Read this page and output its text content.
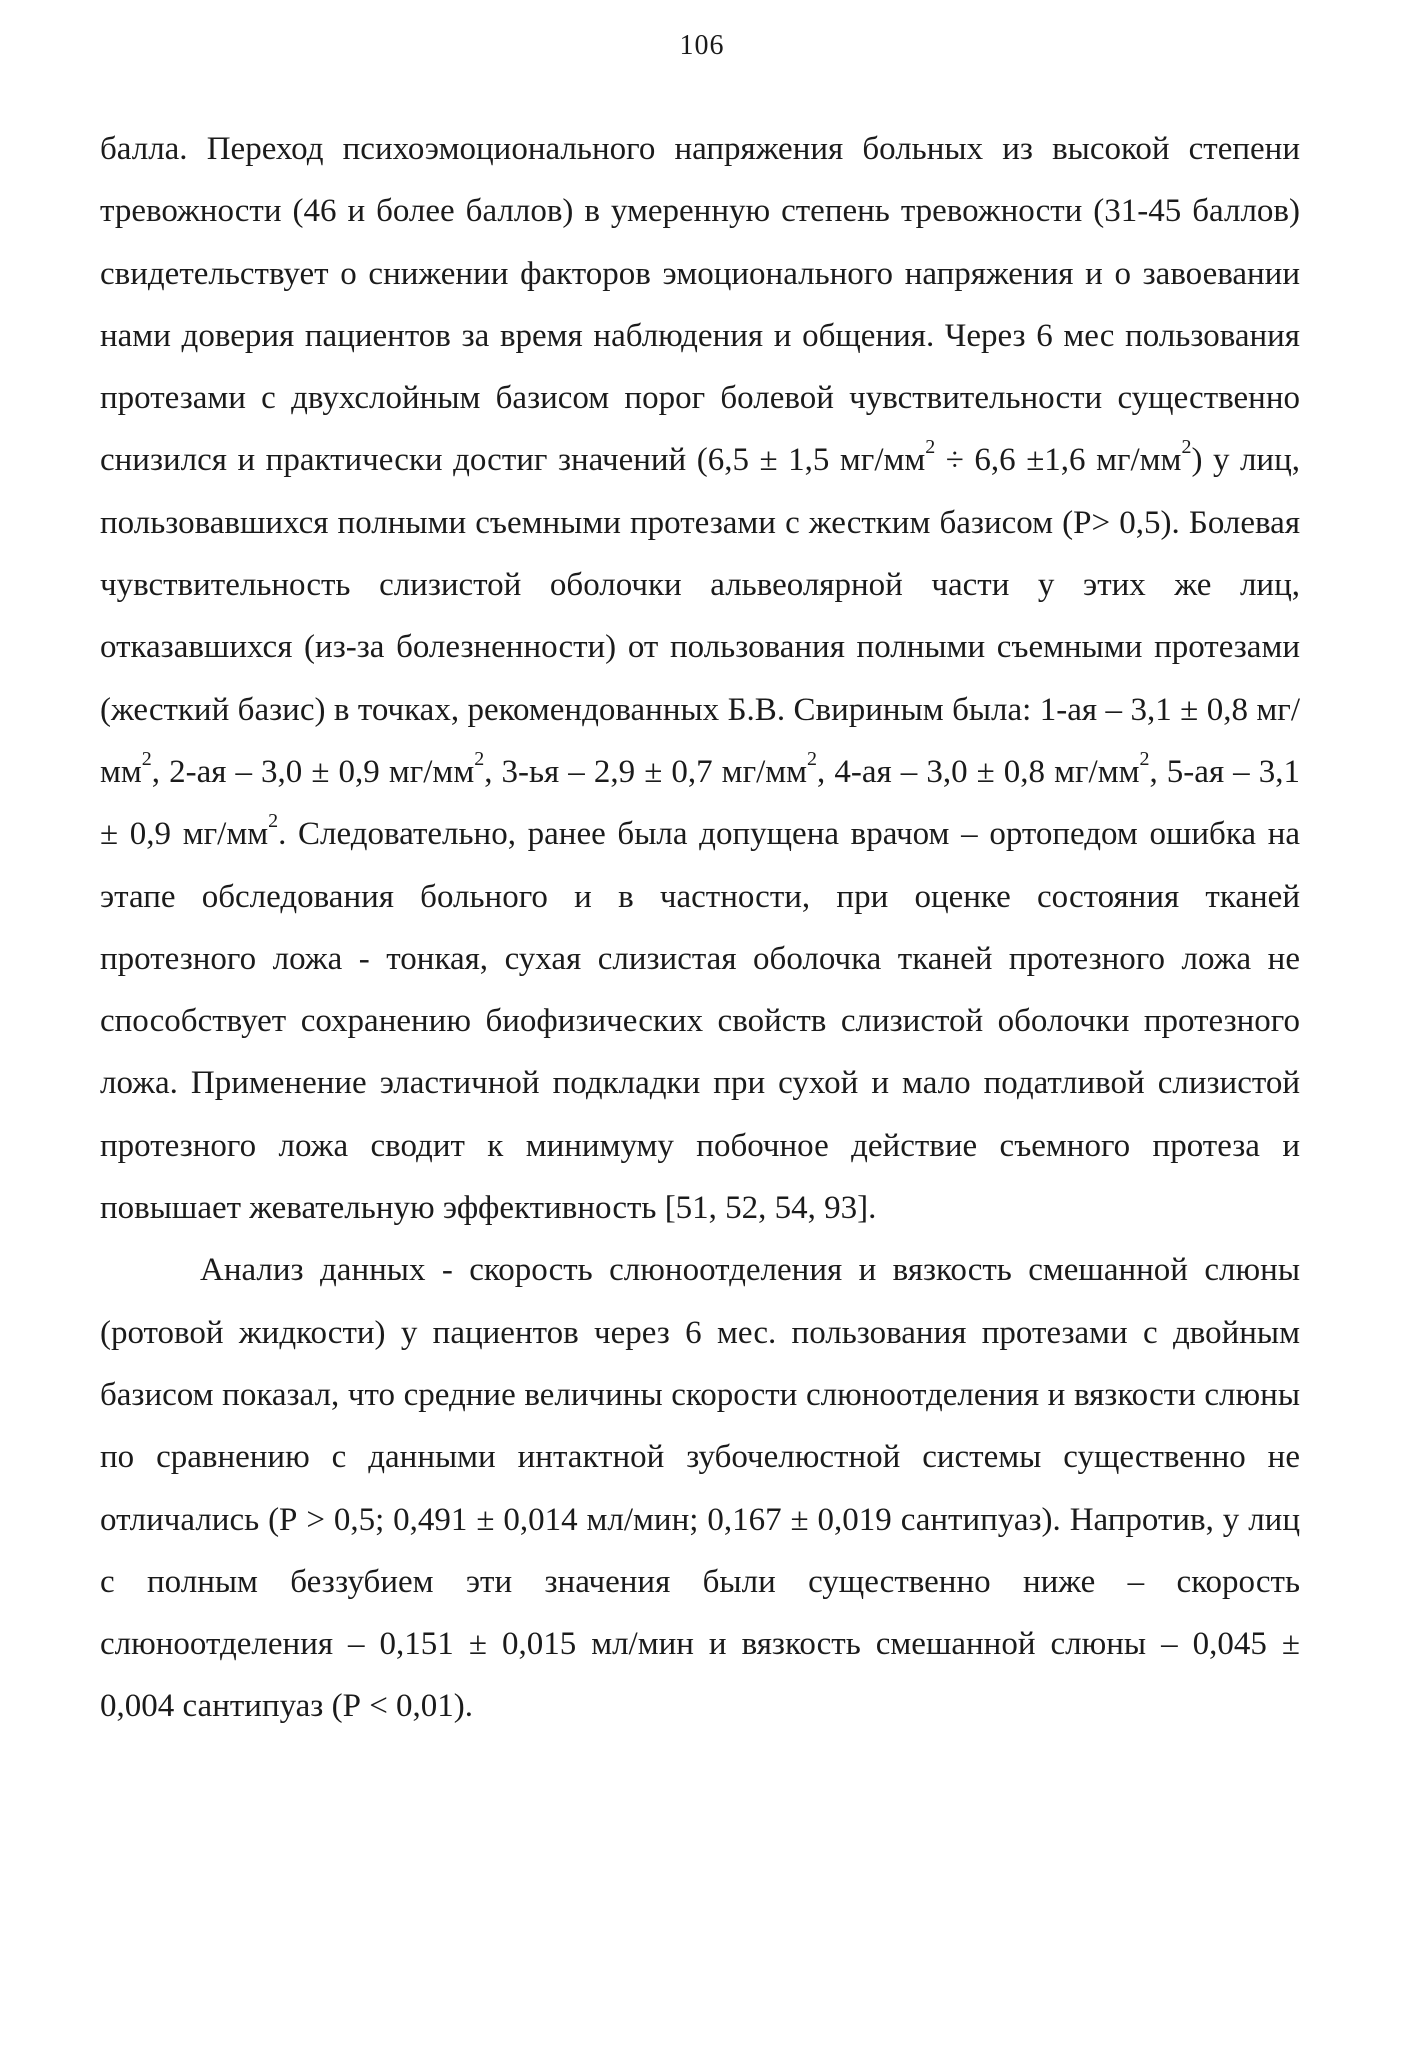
106

балла. Переход психоэмоционального напряжения больных из высокой степени тревожности (46 и более баллов) в умеренную степень тревожности (31-45 баллов) свидетельствует о снижении факторов эмоционального напряжения и о завоевании нами доверия пациентов за время наблюдения и общения. Через 6 мес пользования протезами с двухслойным базисом порог болевой чувствительности существенно снизился и практически достиг значений (6,5 ± 1,5 $мг/мм^2 \div 6,6 \pm 1,6$ $мг/мм^2$) у лиц, пользовавшихся полными съемными протезами с жестким базисом (Р> 0,5). Болевая чувствительность слизистой оболочки альвеолярной части у этих же лиц, отказавшихся (из-за болезненности) от пользования полными съемными протезами (жесткий базис) в точках, рекомендованных Б.В. Свириным была: 1-ая – 3,1 ± 0,8 $мг/мм^2$, 2-ая – 3,0 ± 0,9 $мг/мм^2$, 3-ья – 2,9 ± 0,7 $мг/мм^2$, 4-ая – 3,0 ± 0,8 $мг/мм^2$, 5-ая – 3,1 ± 0,9 $мг/мм^2$. Следовательно, ранее была допущена врачом – ортопедом ошибка на этапе обследования больного и в частности, при оценке состояния тканей протезного ложа - тонкая, сухая слизистая оболочка тканей протезного ложа не способствует сохранению биофизических свойств слизистой оболочки протезного ложа. Применение эластичной подкладки при сухой и мало податливой слизистой протезного ложа сводит к минимуму побочное действие съемного протеза и повышает жевательную эффективность [51, 52, 54, 93].

Анализ данных - скорость слюноотделения и вязкость смешанной слюны (ротовой жидкости) у пациентов через 6 мес. пользования протезами с двойным базисом показал, что средние величины скорости слюноотделения и вязкости слюны по сравнению с данными интактной зубочелюстной системы существенно не отличались (Р > 0,5; 0,491 ± 0,014 мл/мин; 0,167 ± 0,019 сантипуаз). Напротив, у лиц с полным беззубием эти значения были существенно ниже – скорость слюноотделения – 0,151 ± 0,015 мл/мин и вязкость смешанной слюны – 0,045 ± 0,004 сантипуаз (Р < 0,01).
